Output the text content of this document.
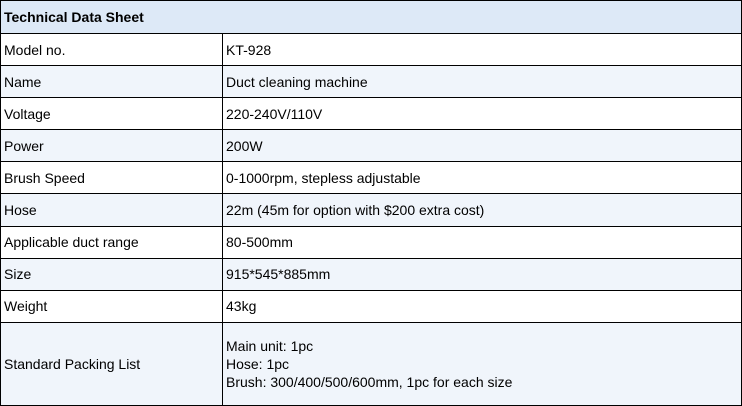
Technical Data Sheet	
Model no.	KT-928
Name	Duct cleaning machine
Voltage	220-240V/110V
Power	200W
Brush Speed	0-1000rpm, stepless adjustable
Hose	22m (45m for option with $200 extra cost)
Applicable duct range	80-500mm
Size	915*545*885mm
Weight	43kg
Standard Packing List	Main unit: 1pc
Hose: 1pc
Brush: 300/400/500/600mm, 1pc for each size
